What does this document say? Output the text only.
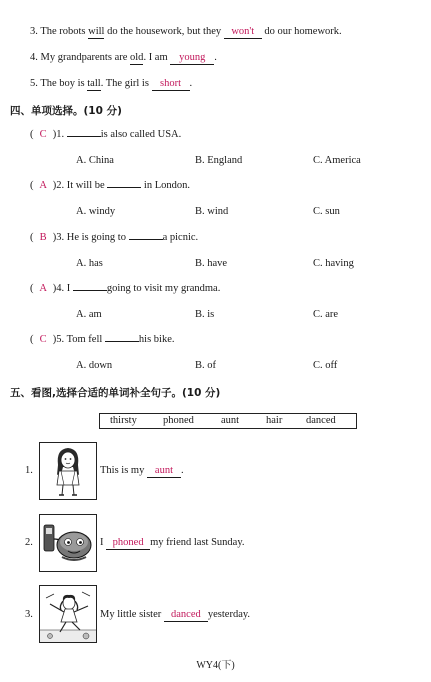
3. The robots will do the housework, but they won't do our homework.
4. My grandparents are old. I am young .
5. The boy is tall. The girl is short .
四、单项选择。(10 分)
( C )1.	is also called USA.
A. China	B. England	C. America
( A )2. It will be	in London.
A. windy	B. wind	C. sun
( B )3. He is going to	a picnic.
A. has	B. have	C. having
( A )4. I	going to visit my grandma.
A. am	B. is	C. are
( C )5. Tom fell	his bike.
A. down	B. of	C. off
五、看图,选择合适的单词补全句子。(10 分)
thirsty phoned	aunt	hair danced
1.	This is my aunt .
2.	I phoned my friend last Sunday.
3.	My little sister danced yesterday.
WY4(下)
